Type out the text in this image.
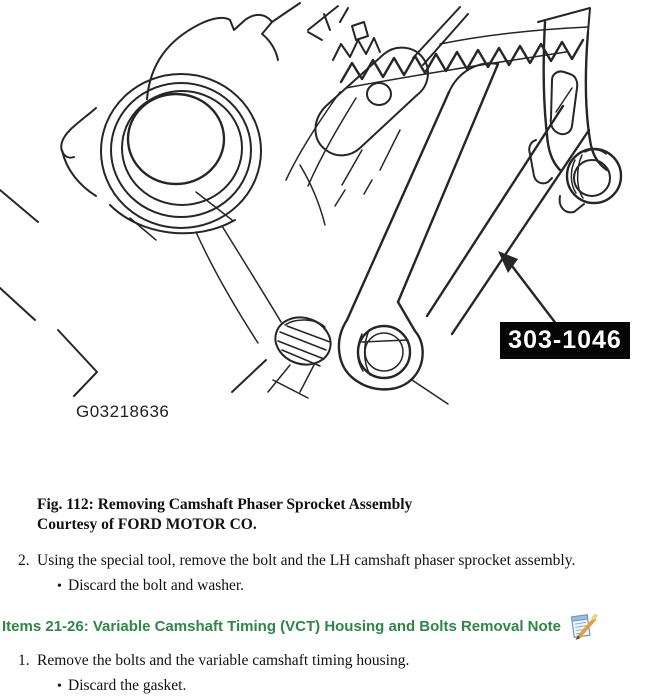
303-1046
G03218636
Fig. 112: Removing Camshaft Phaser Sprocket Assembly
Courtesy of FORD MOTOR CO.
2. Using the special tool, remove the bolt and the LH camshaft phaser sprocket assembly.
• Discard the bolt and washer.
Items 21-26: Variable Camshaft Timing (VCT) Housing and Bolts Removal Note
1. Remove the bolts and the variable camshaft timing housing.
• Discard the gasket.
